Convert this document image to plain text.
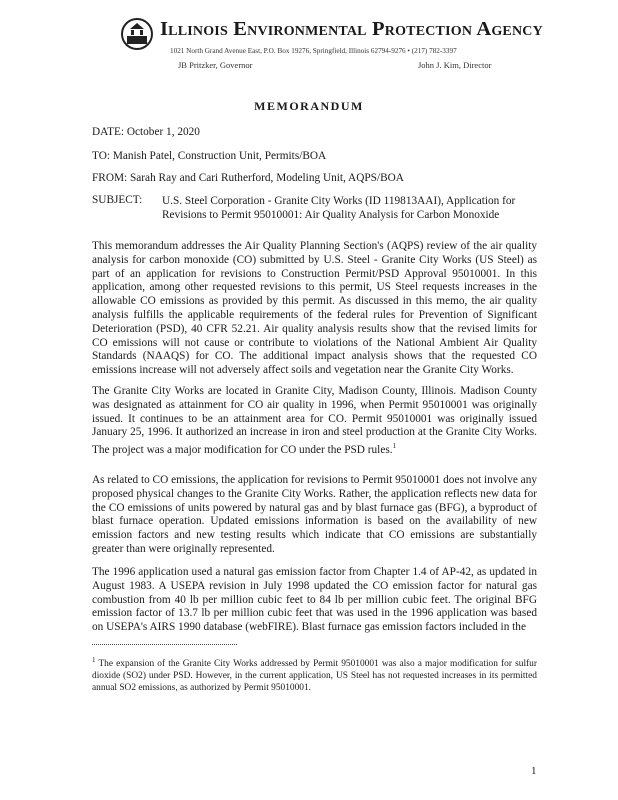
Illinois Environmental Protection Agency
1021 North Grand Avenue East, P.O. Box 19276, Springfield, Illinois 62794-9276 • (217) 782-3397
JB Pritzker, Governor	John J. Kim, Director
MEMORANDUM
DATE: October 1, 2020
TO: Manish Patel, Construction Unit, Permits/BOA
FROM: Sarah Ray and Cari Rutherford, Modeling Unit, AQPS/BOA
SUBJECT: U.S. Steel Corporation - Granite City Works (ID 119813AAI), Application for Revisions to Permit 95010001: Air Quality Analysis for Carbon Monoxide
This memorandum addresses the Air Quality Planning Section's (AQPS) review of the air quality analysis for carbon monoxide (CO) submitted by U.S. Steel - Granite City Works (US Steel) as part of an application for revisions to Construction Permit/PSD Approval 95010001. In this application, among other requested revisions to this permit, US Steel requests increases in the allowable CO emissions as provided by this permit. As discussed in this memo, the air quality analysis fulfills the applicable requirements of the federal rules for Prevention of Significant Deterioration (PSD), 40 CFR 52.21. Air quality analysis results show that the revised limits for CO emissions will not cause or contribute to violations of the National Ambient Air Quality Standards (NAAQS) for CO. The additional impact analysis shows that the requested CO emissions increase will not adversely affect soils and vegetation near the Granite City Works.
The Granite City Works are located in Granite City, Madison County, Illinois. Madison County was designated as attainment for CO air quality in 1996, when Permit 95010001 was originally issued. It continues to be an attainment area for CO. Permit 95010001 was originally issued January 25, 1996. It authorized an increase in iron and steel production at the Granite City Works. The project was a major modification for CO under the PSD rules.$^1$
As related to CO emissions, the application for revisions to Permit 95010001 does not involve any proposed physical changes to the Granite City Works. Rather, the application reflects new data for the CO emissions of units powered by natural gas and by blast furnace gas (BFG), a byproduct of blast furnace operation. Updated emissions information is based on the availability of new emission factors and new testing results which indicate that CO emissions are substantially greater than were originally represented.
The 1996 application used a natural gas emission factor from Chapter 1.4 of AP-42, as updated in August 1983. A USEPA revision in July 1998 updated the CO emission factor for natural gas combustion from 40 lb per million cubic feet to 84 lb per million cubic feet. The original BFG emission factor of 13.7 lb per million cubic feet that was used in the 1996 application was based on USEPA's AIRS 1990 database (webFIRE). Blast furnace gas emission factors included in the
$^1$ The expansion of the Granite City Works addressed by Permit 95010001 was also a major modification for sulfur dioxide (SO2) under PSD. However, in the current application, US Steel has not requested increases in its permitted annual SO2 emissions, as authorized by Permit 95010001.
1
